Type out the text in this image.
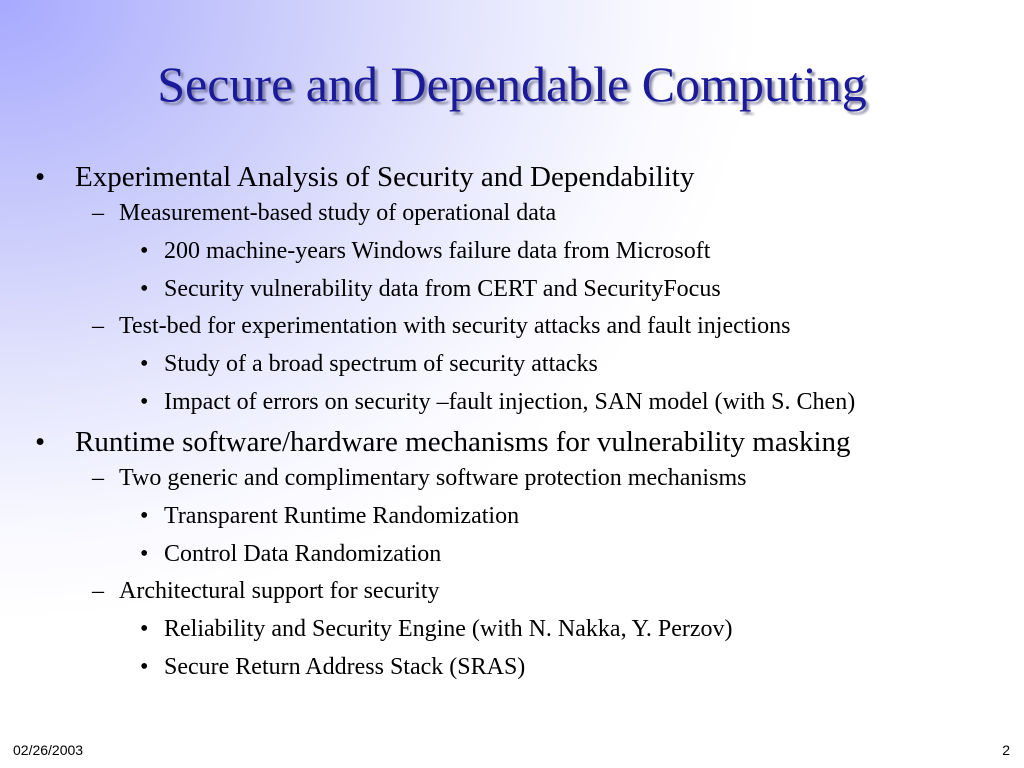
Secure and Dependable Computing
• Experimental Analysis of Security and Dependability
– Measurement-based study of operational data
• 200 machine-years Windows failure data from Microsoft
• Security vulnerability data from CERT and SecurityFocus
– Test-bed for experimentation with security attacks and fault injections
• Study of a broad spectrum of security attacks
• Impact of errors on security –fault injection, SAN model (with S. Chen)
• Runtime software/hardware mechanisms for vulnerability masking
– Two generic and complimentary software protection mechanisms
• Transparent Runtime Randomization
• Control Data Randomization
– Architectural support for security
• Reliability and Security Engine (with N. Nakka, Y. Perzov)
• Secure Return Address Stack (SRAS)
02/26/2003	2
